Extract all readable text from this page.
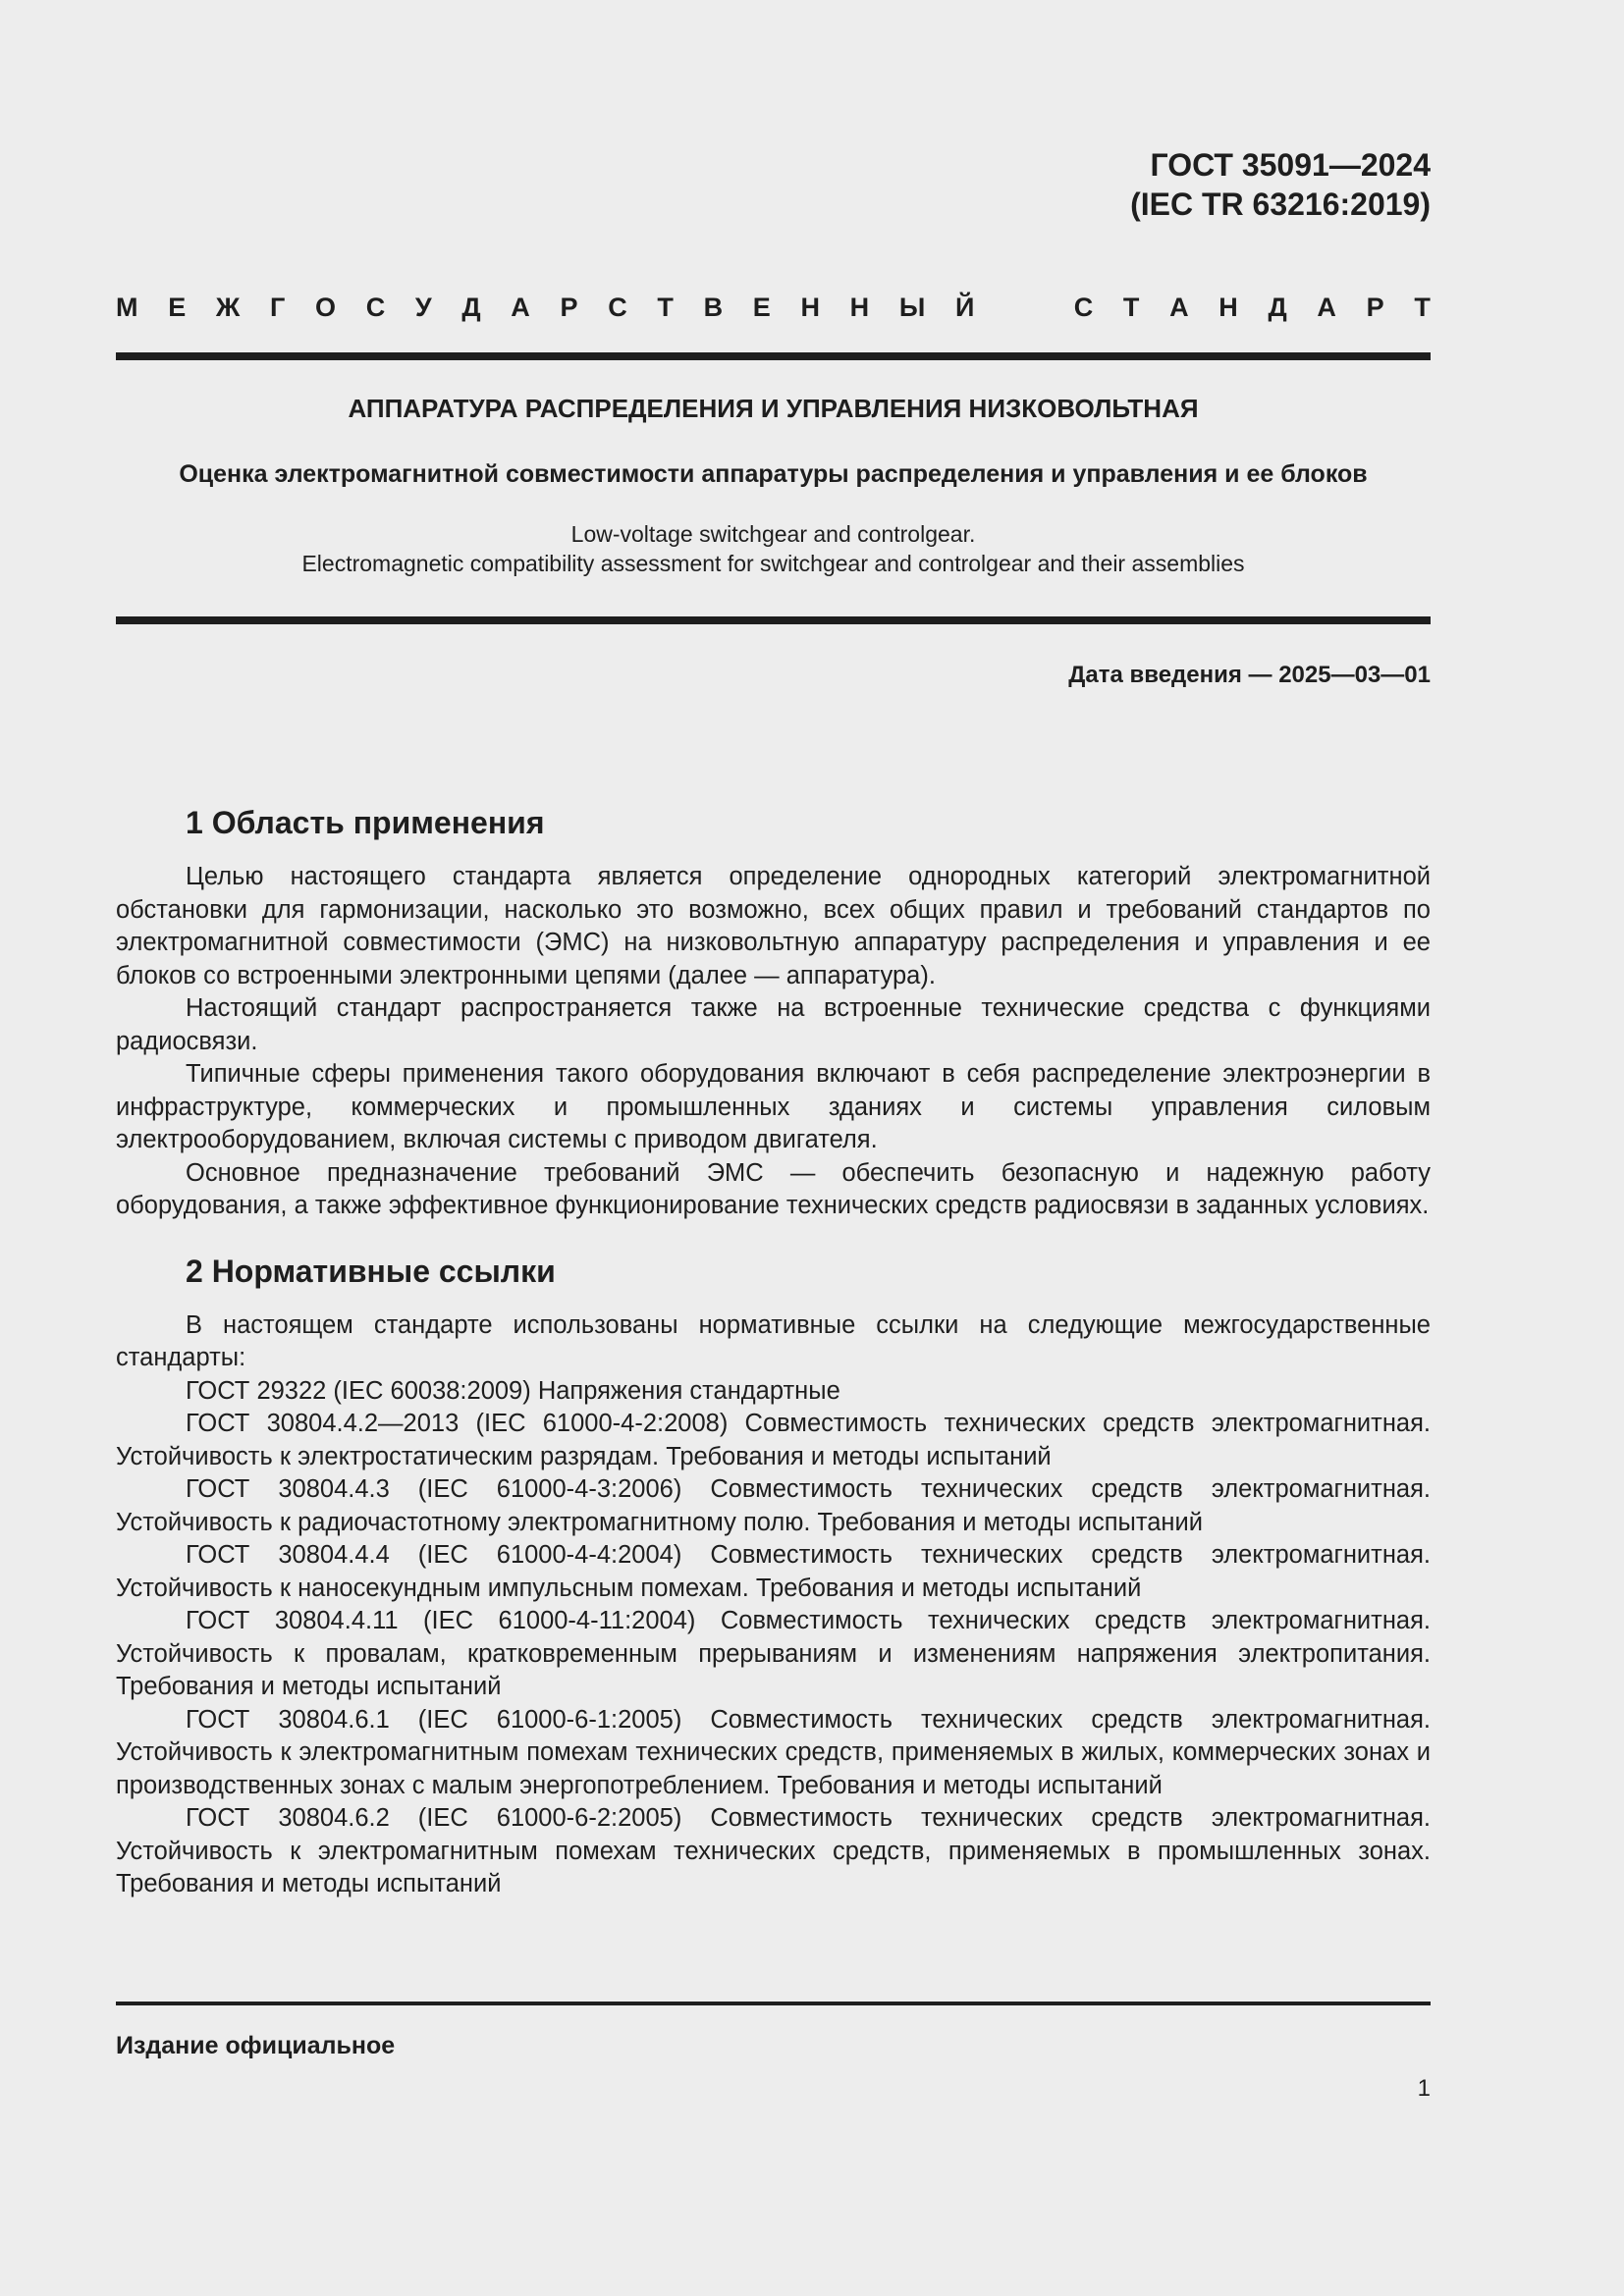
ГОСТ 35091—2024
(IEC TR 63216:2019)
М Е Ж Г О С У Д А Р С Т В Е Н Н Ы Й	С Т А Н Д А Р Т
АППАРАТУРА РАСПРЕДЕЛЕНИЯ И УПРАВЛЕНИЯ НИЗКОВОЛЬТНАЯ
Оценка электромагнитной совместимости аппаратуры распределения и управления и ее блоков
Low-voltage switchgear and controlgear.
Electromagnetic compatibility assessment for switchgear and controlgear and their assemblies
Дата введения — 2025—03—01
1 Область применения

Целью настоящего стандарта является определение однородных категорий электромагнитной обстановки для гармонизации, насколько это возможно, всех общих правил и требований стандартов по электромагнитной совместимости (ЭМС) на низковольтную аппаратуру распределения и управления и ее блоков со встроенными электронными цепями (далее — аппаратура).

Настоящий стандарт распространяется также на встроенные технические средства с функциями радиосвязи.

Типичные сферы применения такого оборудования включают в себя распределение электроэнергии в инфраструктуре, коммерческих и промышленных зданиях и системы управления силовым электрооборудованием, включая системы с приводом двигателя.

Основное предназначение требований ЭМС — обеспечить безопасную и надежную работу оборудования, а также эффективное функционирование технических средств радиосвязи в заданных условиях.

2 Нормативные ссылки

В настоящем стандарте использованы нормативные ссылки на следующие межгосударственные стандарты:

ГОСТ 29322 (IEC 60038:2009) Напряжения стандартные

ГОСТ 30804.4.2—2013 (IEC 61000-4-2:2008) Совместимость технических средств электромагнитная. Устойчивость к электростатическим разрядам. Требования и методы испытаний

ГОСТ 30804.4.3 (IEC 61000-4-3:2006) Совместимость технических средств электромагнитная. Устойчивость к радиочастотному электромагнитному полю. Требования и методы испытаний

ГОСТ 30804.4.4 (IEC 61000-4-4:2004) Совместимость технических средств электромагнитная. Устойчивость к наносекундным импульсным помехам. Требования и методы испытаний

ГОСТ 30804.4.11 (IEC 61000-4-11:2004) Совместимость технических средств электромагнитная. Устойчивость к провалам, кратковременным прерываниям и изменениям напряжения электропитания. Требования и методы испытаний

ГОСТ 30804.6.1 (IEC 61000-6-1:2005) Совместимость технических средств электромагнитная. Устойчивость к электромагнитным помехам технических средств, применяемых в жилых, коммерческих зонах и производственных зонах с малым энергопотреблением. Требования и методы испытаний

ГОСТ 30804.6.2 (IEC 61000-6-2:2005) Совместимость технических средств электромагнитная. Устойчивость к электромагнитным помехам технических средств, применяемых в промышленных зонах. Требования и методы испытаний

Издание официальное
1
